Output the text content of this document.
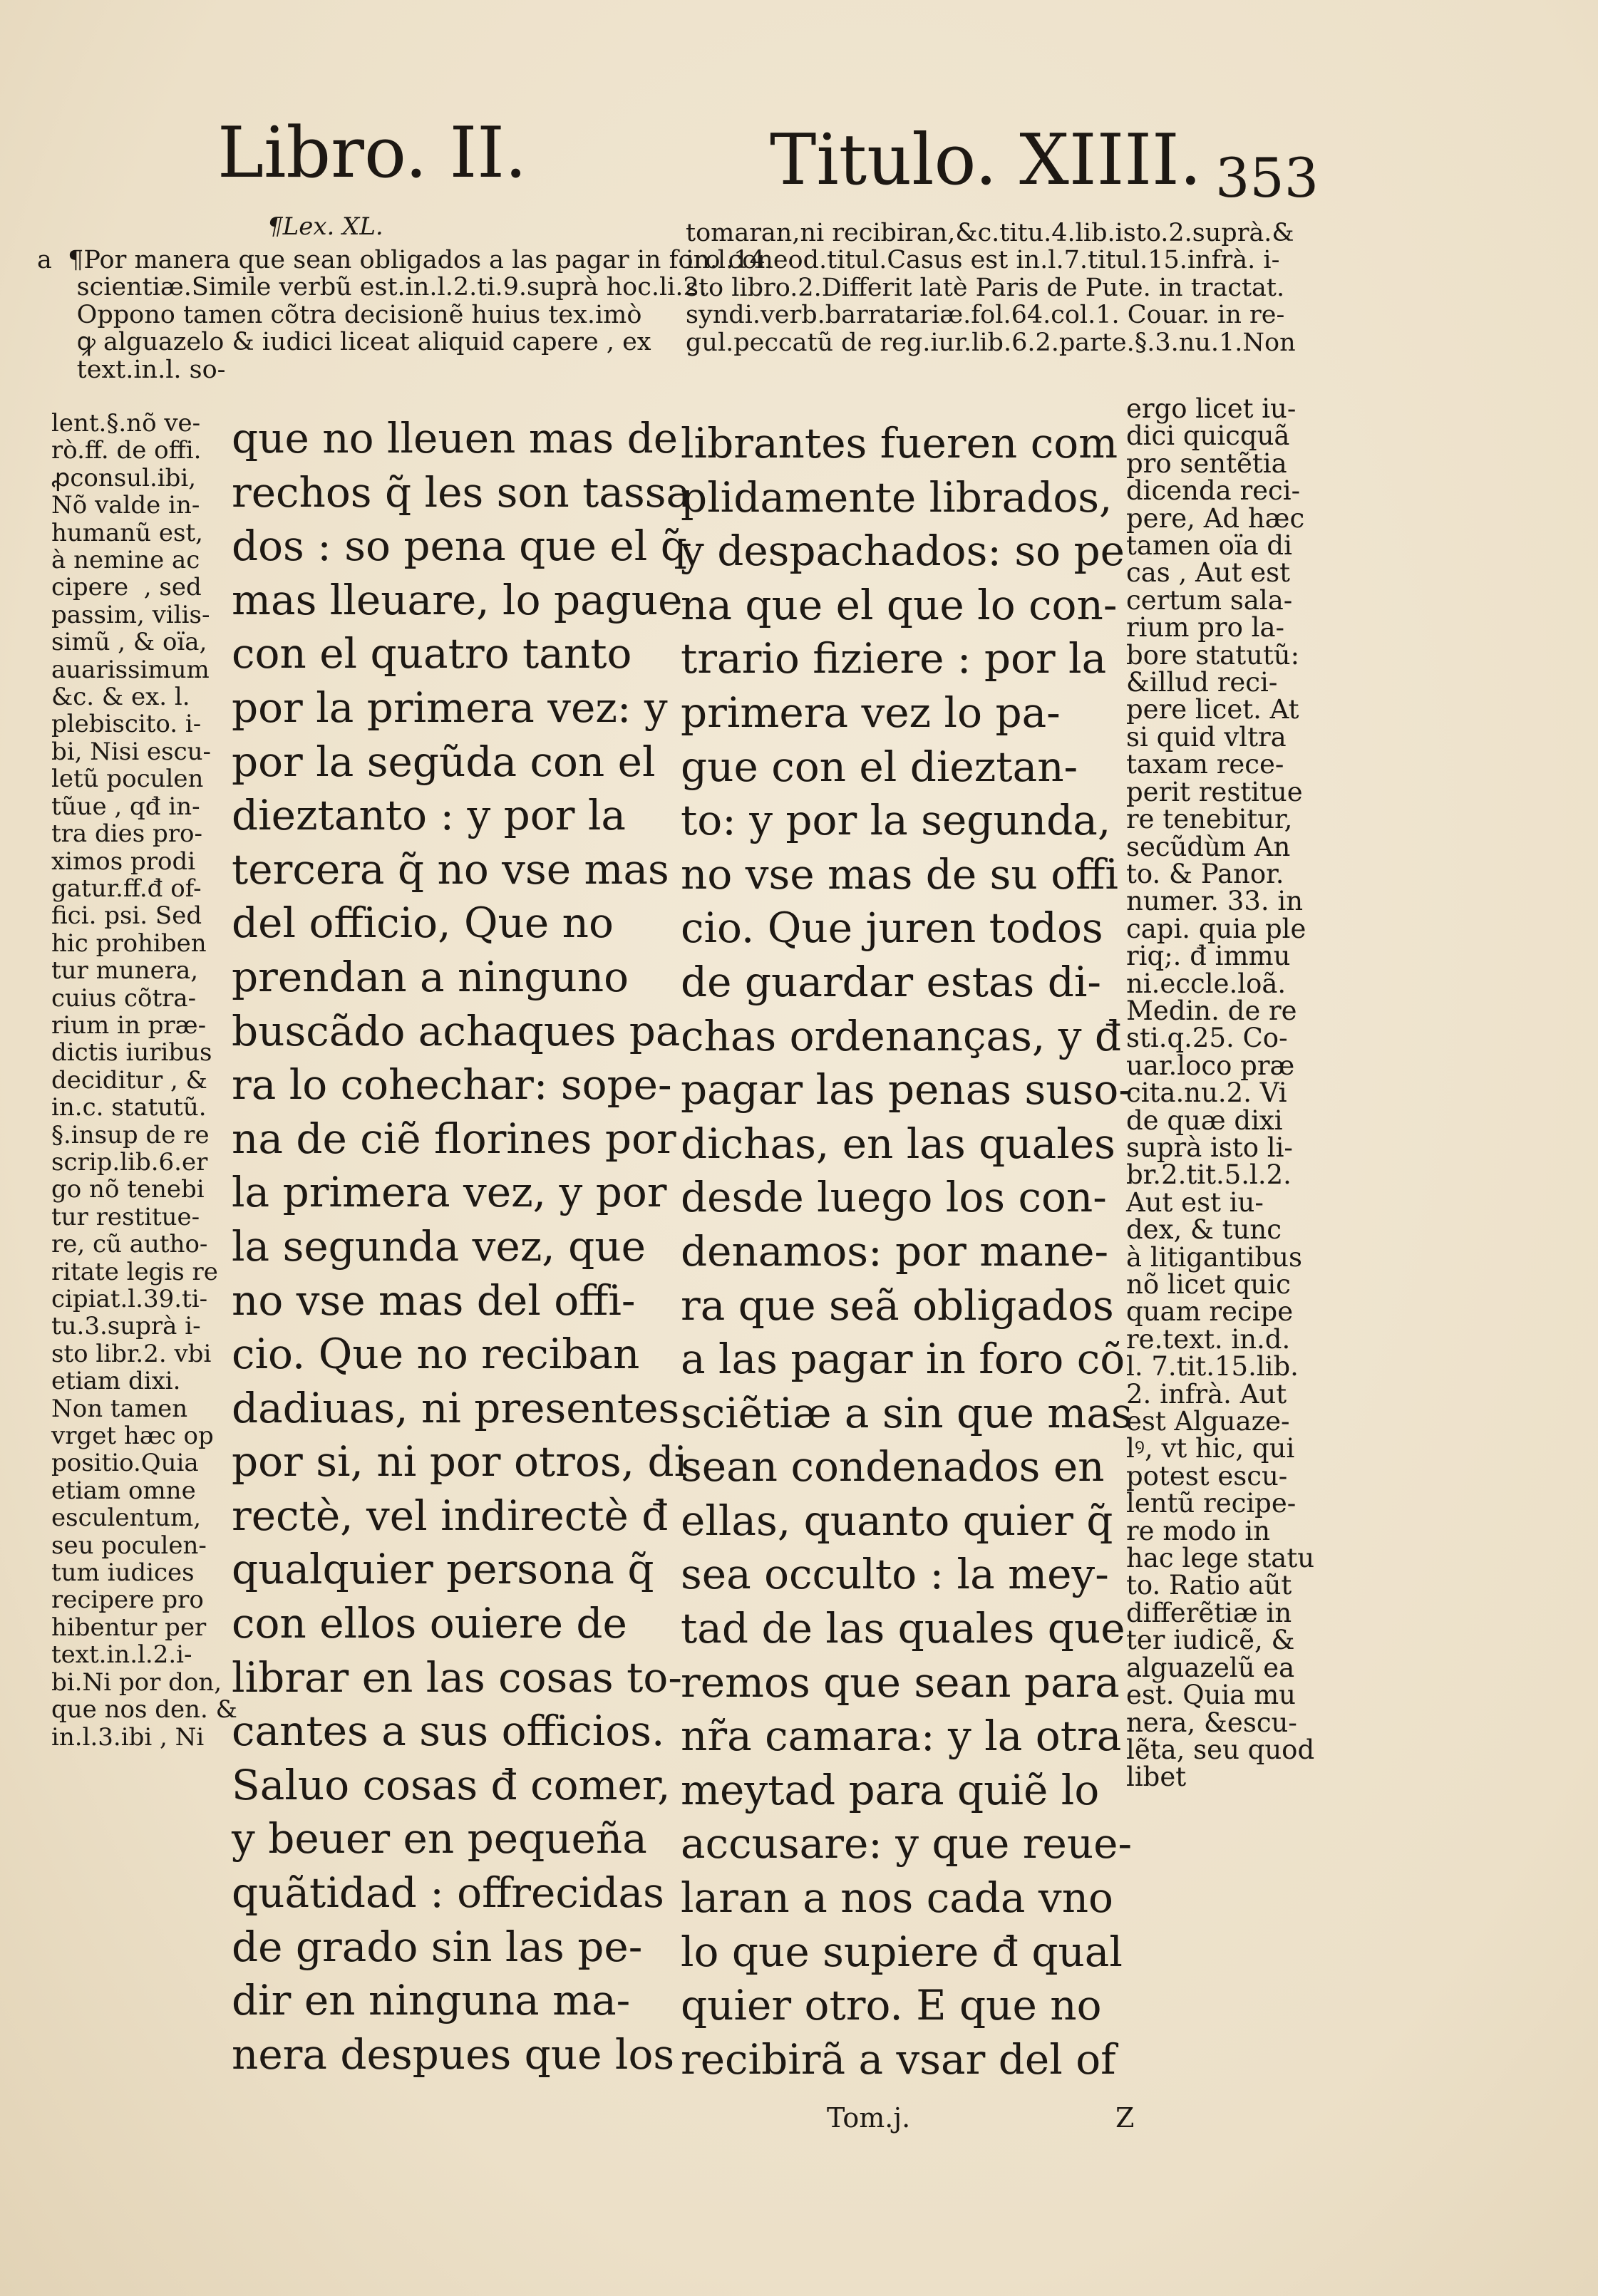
Libro. II.	Titulo. XIIII. 353
¶Lex. XL.
a  ¶Por manera que sean obligados a las pagar in foro con
scientiæ.Simile verbũ est.in.l.2.ti.9.suprà hoc.li.2.
Oppono tamen cõtra decisionẽ huius tex.imò
ꝙ alguazelo & iudici liceat aliquid capere , ex
text.in.l. so-
tomaran,ni recibiran,&c.titu.4.lib.isto.2.suprà.&
in.l.14.eod.titul.Casus est in.l.7.titul.15.infrà. i-
sto libro.2.Differit latè Paris de Pute. in tractat.
syndi.verb.barratariæ.fol.64.col.1. Couar. in re-
gul.peccatũ de reg.iur.lib.6.2.parte.§.3.nu.1.Non
lent.§.nõ ve-
rò.ff. de offi.
ꝓconsul.ibi,
Nõ valde in-
humanũ est,
à nemine ac
cipere  , sed
passim, vilis-
simũ , & oïa,
auarissimum
&c. & ex. l.
plebiscito. i-
bi, Nisi escu-
letũ poculen
tũue , qđ in-
tra dies pro-
ximos prodi
gatur.ff.đ of-
fici. psi. Sed
hic prohiben
tur munera,
cuius cõtra-
rium in præ-
dictis iuribus
deciditur , &
in.c. statutũ.
§.insup de re
scrip.lib.6.er
go nõ tenebi
tur restitue-
re, cũ autho-
ritate legis re
cipiat.l.39.ti-
tu.3.suprà i-
sto libr.2. vbi
etiam dixi.
Non tamen
vrget hæc op
positio.Quia
etiam omne
esculentum,
seu poculen-
tum iudices
recipere pro
hibentur per
text.in.l.2.i-
bi.Ni por don,
que nos den. &
in.l.3.ibi , Ni
que no lleuen mas de
rechos q̃ les son tassa
dos : so pena que el q̃
mas lleuare, lo pague
con el quatro tanto
por la primera vez: y
por la segũda con el
dieztanto : y por la
tercera q̃ no vse mas
del officio, Que no
prendan a ninguno
buscãdo achaques pa
ra lo cohechar: sope-
na de ciẽ florines por
la primera vez, y por
la segunda vez, que
no vse mas del offi-
cio. Que no reciban
dadiuas, ni presentes
por si, ni por otros, di
rectè, vel indirectè đ
qualquier persona q̃
con ellos ouiere de
librar en las cosas to-
cantes a sus officios.
Saluo cosas đ comer,
y beuer en pequeña
quãtidad : offrecidas
de grado sin las pe-
dir en ninguna ma-
nera despues que los
librantes fueren com
plidamente librados,
y despachados: so pe
na que el que lo con-
trario fiziere : por la
primera vez lo pa-
gue con el dieztan-
to: y por la segunda,
no vse mas de su offi
cio. Que juren todos
de guardar estas di-
chas ordenanças, y đ
pagar las penas suso-
dichas, en las quales
desde luego los con-
denamos: por mane-
ra que seã obligados
a las pagar in foro cõ
sciẽtiæ a sin que mas
sean condenados en
ellas, quanto quier q̃
sea occulto : la mey-
tad de las quales que
remos que sean para
nr̃a camara: y la otra
meytad para quiẽ lo
accusare: y que reue-
laran a nos cada vno
lo que supiere đ qual
quier otro. E que no
recibirã a vsar del of
ergo licet iu-
dici quicquã
pro sentẽtia
dicenda reci-
pere, Ad hæc
tamen oïa di
cas , Aut est
certum sala-
rium pro la-
bore statutũ:
&illud reci-
pere licet. At
si quid vltra
taxam rece-
perit restitue
re tenebitur,
secũdùm An
to. & Panor.
numer. 33. in
capi. quia ple
riq;. đ immu
ni.eccle.loã.
Medin. de re
sti.q.25. Co-
uar.loco præ
cita.nu.2. Vi
de quæ dixi
suprà isto li-
br.2.tit.5.l.2.
Aut est iu-
dex, & tunc
à litigantibus
nõ licet quic
quam recipe
re.text. in.d.
l. 7.tit.15.lib.
2. infrà. Aut
est Alguaze-
lꝰ, vt hic, qui
potest escu-
lentũ recipe-
re modo in
hac lege statu
to. Ratio aũt
differẽtiæ in
ter iudicẽ, &
alguazelũ ea
est. Quia mu
nera, &escu-
lẽta, seu quod
libet
Tom.j.	Z
